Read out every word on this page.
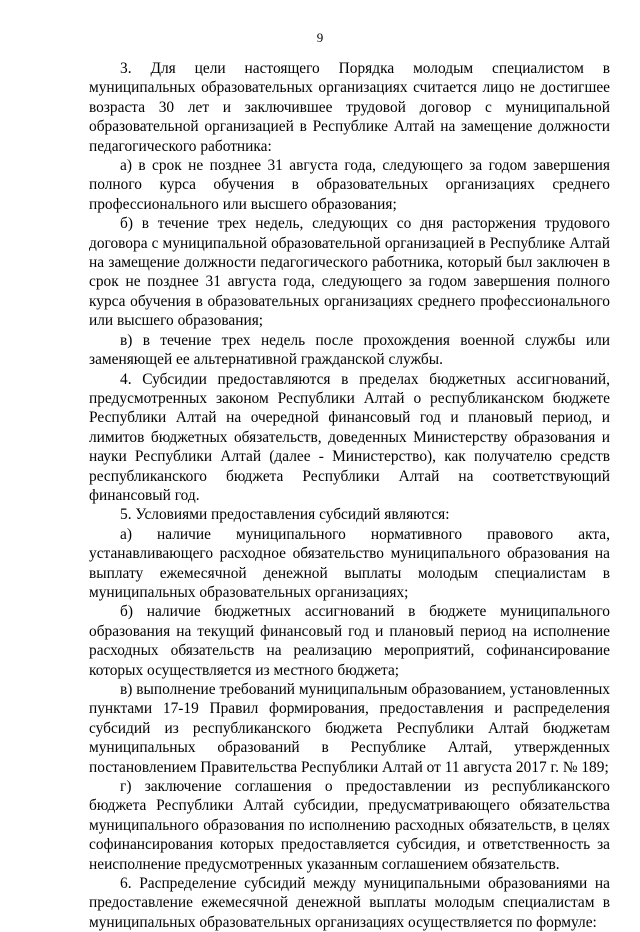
9

3. Для цели настоящего Порядка молодым специалистом в муниципальных образовательных организациях считается лицо не достигшее возраста 30 лет и заключившее трудовой договор с муниципальной образовательной организацией в Республике Алтай на замещение должности педагогического работника:

а) в срок не позднее 31 августа года, следующего за годом завершения полного курса обучения в образовательных организациях среднего профессионального или высшего образования;

б) в течение трех недель, следующих со дня расторжения трудового договора с муниципальной образовательной организацией в Республике Алтай на замещение должности педагогического работника, который был заключен в срок не позднее 31 августа года, следующего за годом завершения полного курса обучения в образовательных организациях среднего профессионального или высшего образования;

в) в течение трех недель после прохождения военной службы или заменяющей ее альтернативной гражданской службы.

4. Субсидии предоставляются в пределах бюджетных ассигнований, предусмотренных законом Республики Алтай о республиканском бюджете Республики Алтай на очередной финансовый год и плановый период, и лимитов бюджетных обязательств, доведенных Министерству образования и науки Республики Алтай (далее - Министерство), как получателю средств республиканского бюджета Республики Алтай на соответствующий финансовый год.

5. Условиями предоставления субсидий являются:

а) наличие муниципального нормативного правового акта, устанавливающего расходное обязательство муниципального образования на выплату ежемесячной денежной выплаты молодым специалистам в муниципальных образовательных организациях;

б) наличие бюджетных ассигнований в бюджете муниципального образования на текущий финансовый год и плановый период на исполнение расходных обязательств на реализацию мероприятий, софинансирование которых осуществляется из местного бюджета;

в) выполнение требований муниципальным образованием, установленных пунктами 17-19 Правил формирования, предоставления и распределения субсидий из республиканского бюджета Республики Алтай бюджетам муниципальных образований в Республике Алтай, утвержденных постановлением Правительства Республики Алтай от 11 августа 2017 г. № 189;

г) заключение соглашения о предоставлении из республиканского бюджета Республики Алтай субсидии, предусматривающего обязательства муниципального образования по исполнению расходных обязательств, в целях софинансирования которых предоставляется субсидия, и ответственность за неисполнение предусмотренных указанным соглашением обязательств.

6. Распределение субсидий между муниципальными образованиями на предоставление ежемесячной денежной выплаты молодым специалистам в муниципальных образовательных организациях осуществляется по формуле:
